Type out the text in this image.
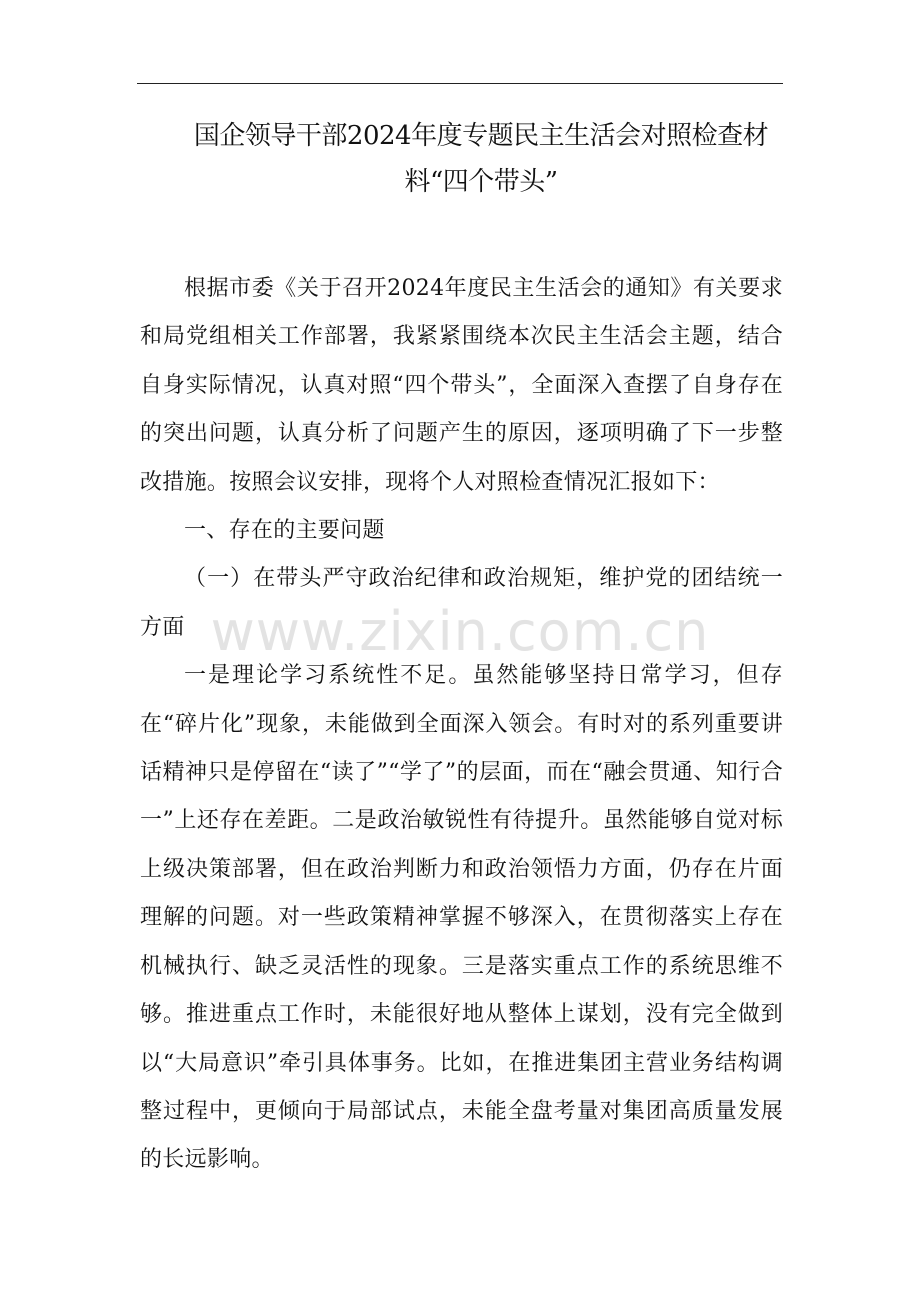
国企领导干部2024年度专题民主生活会对照检查材料“四个带头”

根据市委《关于召开2024年度民主生活会的通知》有关要求和局党组相关工作部署，我紧紧围绕本次民主生活会主题，结合自身实际情况，认真对照“四个带头”，全面深入查摆了自身存在的突出问题，认真分析了问题产生的原因，逐项明确了下一步整改措施。按照会议安排，现将个人对照检查情况汇报如下：

一、存在的主要问题

（一）在带头严守政治纪律和政治规矩，维护党的团结统一方面

一是理论学习系统性不足。虽然能够坚持日常学习，但存在“碎片化”现象，未能做到全面深入领会。有时对的系列重要讲话精神只是停留在“读了”“学了”的层面，而在“融会贯通、知行合一”上还存在差距。二是政治敏锐性有待提升。虽然能够自觉对标上级决策部署，但在政治判断力和政治领悟力方面，仍存在片面理解的问题。对一些政策精神掌握不够深入，在贯彻落实上存在机械执行、缺乏灵活性的现象。三是落实重点工作的系统思维不够。推进重点工作时，未能很好地从整体上谋划，没有完全做到以“大局意识”牵引具体事务。比如，在推进集团主营业务结构调整过程中，更倾向于局部试点，未能全盘考量对集团高质量发展的长远影响。

www.zixin.com.cn
